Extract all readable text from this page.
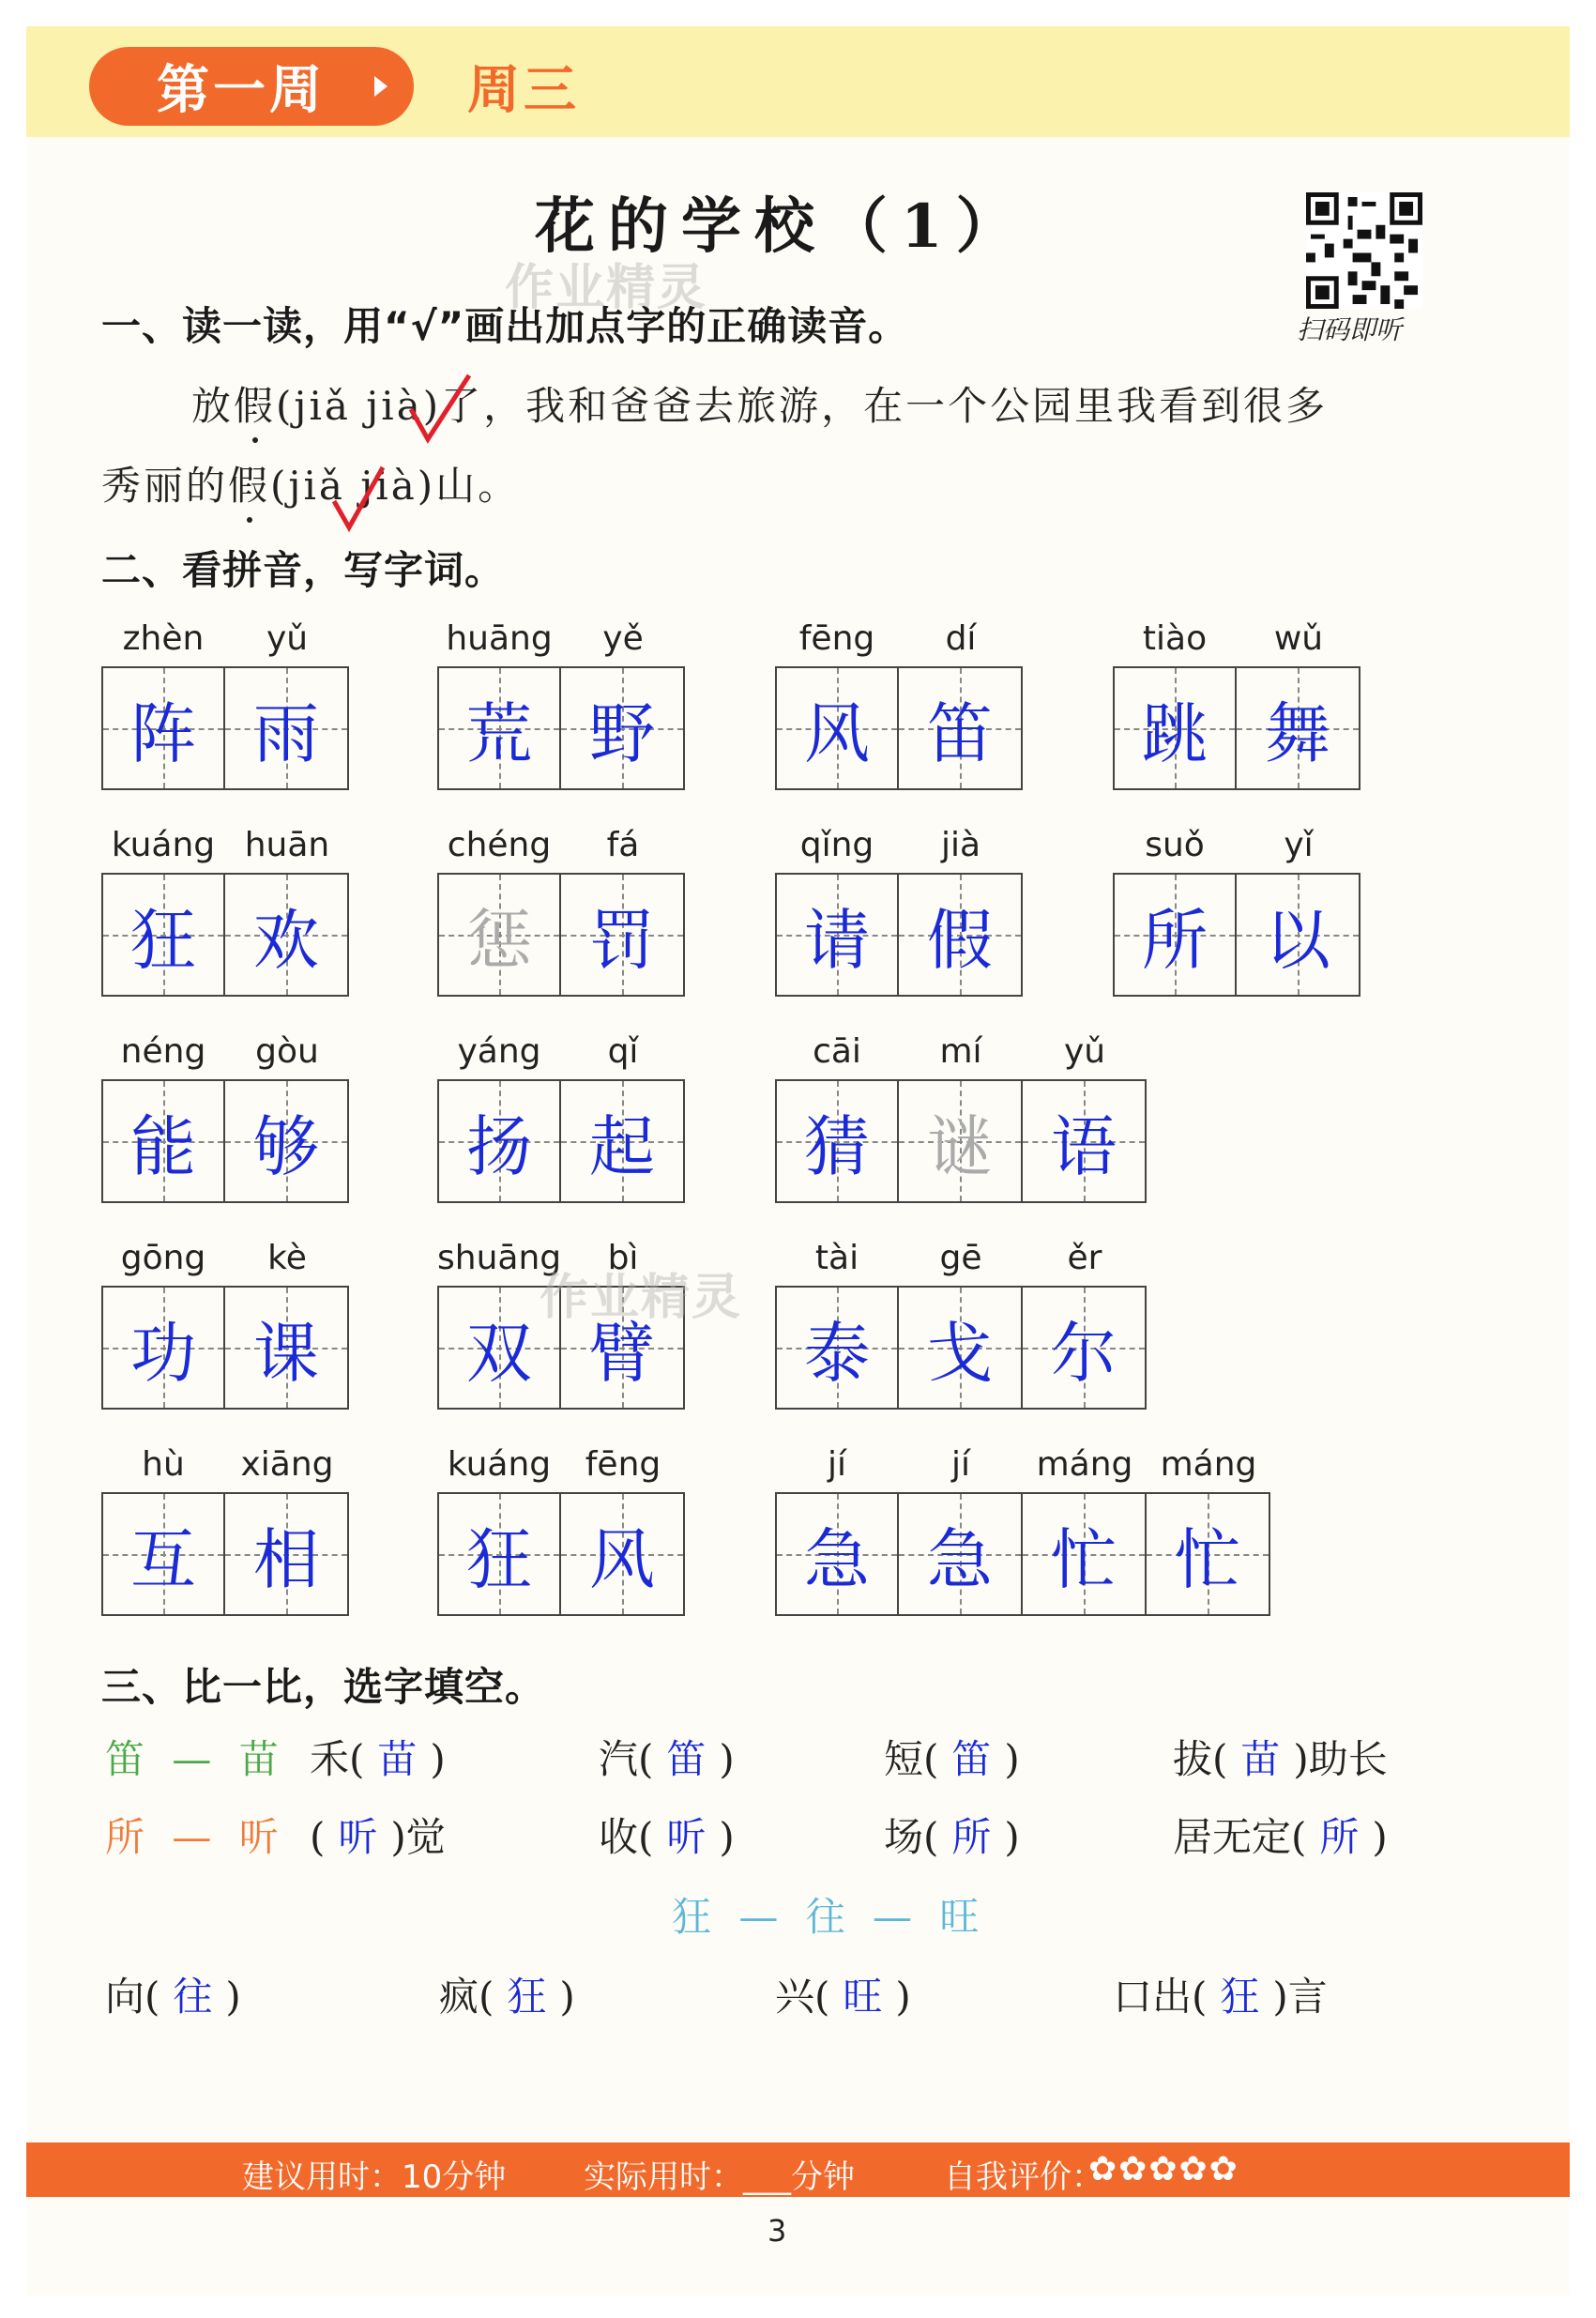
第一周	周三
花的学校（1）
扫码即听
作业精灵
一、读一读，用“√”画出加点字的正确读音。
放假(jiǎ jià)了，我和爸爸去旅游，在一个公园里我看到很多
秀丽的假(jiǎ jià)山。
二、看拼音，写字词。
zhèn	yǔ
阵 雨
huāng	yě
荒 野
fēng	dí
风 笛
tiào	wǔ
跳 舞
kuáng huān
狂 欢
chéng	fá
惩 罚
qǐng	jià
请 假
suǒ	yǐ
所 以
néng	gòu
能 够
yáng	qǐ
扬 起
cāi	mí	yǔ
猜 谜 语
gōng	kè
功 课
shuāng	bì
双 臂
tài	gē	ěr
泰 戈 尔
hù	xiāng
互 相
kuáng	fēng
狂 风
jí	jí	máng máng
急 急 忙 忙
作业精灵
三、比一比，选字填空。
笛 — 苗
所 — 听
狂 — 往 — 旺
禾( 苗 )	汽( 笛 )	短( 笛 )	拔( 苗 )助长
( 听 )觉	收( 听 )	场( 所 )	居无定( 所 )
向( 往 )	疯( 狂 )	兴( 旺 )	口出( 狂 )言
建议用时：10分钟 实际用时：___分钟	自我评价：
✿✿✿✿✿
3
